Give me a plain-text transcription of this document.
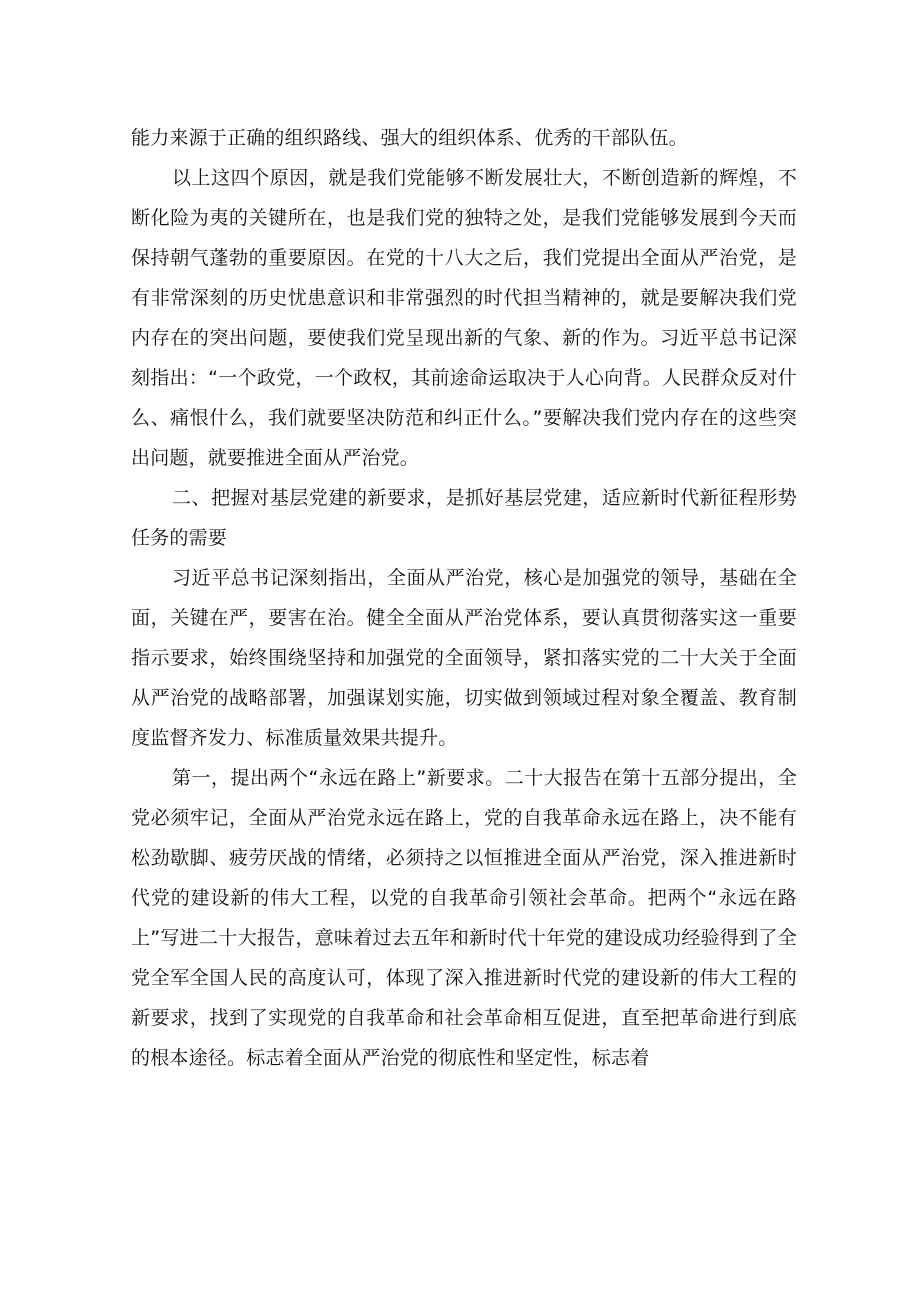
能力来源于正确的组织路线、强大的组织体系、优秀的干部队伍。

以上这四个原因，就是我们党能够不断发展壮大，不断创造新的辉煌，不断化险为夷的关键所在，也是我们党的独特之处，是我们党能够发展到今天而保持朝气蓬勃的重要原因。在党的十八大之后，我们党提出全面从严治党，是有非常深刻的历史忧患意识和非常强烈的时代担当精神的，就是要解决我们党内存在的突出问题，要使我们党呈现出新的气象、新的作为。习近平总书记深刻指出：“一个政党，一个政权，其前途命运取决于人心向背。人民群众反对什么、痛恨什么，我们就要坚决防范和纠正什么。”要解决我们党内存在的这些突出问题，就要推进全面从严治党。

二、把握对基层党建的新要求，是抓好基层党建，适应新时代新征程形势任务的需要

习近平总书记深刻指出，全面从严治党，核心是加强党的领导，基础在全面，关键在严，要害在治。健全全面从严治党体系，要认真贯彻落实这一重要指示要求，始终围绕坚持和加强党的全面领导，紧扣落实党的二十大关于全面从严治党的战略部署，加强谋划实施，切实做到领域过程对象全覆盖、教育制度监督齐发力、标准质量效果共提升。

第一，提出两个“永远在路上”新要求。二十大报告在第十五部分提出，全党必须牢记，全面从严治党永远在路上，党的自我革命永远在路上，决不能有松劲歇脚、疲劳厌战的情绪，必须持之以恒推进全面从严治党，深入推进新时代党的建设新的伟大工程，以党的自我革命引领社会革命。把两个“永远在路上”写进二十大报告，意味着过去五年和新时代十年党的建设成功经验得到了全党全军全国人民的高度认可，体现了深入推进新时代党的建设新的伟大工程的新要求，找到了实现党的自我革命和社会革命相互促进，直至把革命进行到底的根本途径。标志着全面从严治党的彻底性和坚定性，标志着
